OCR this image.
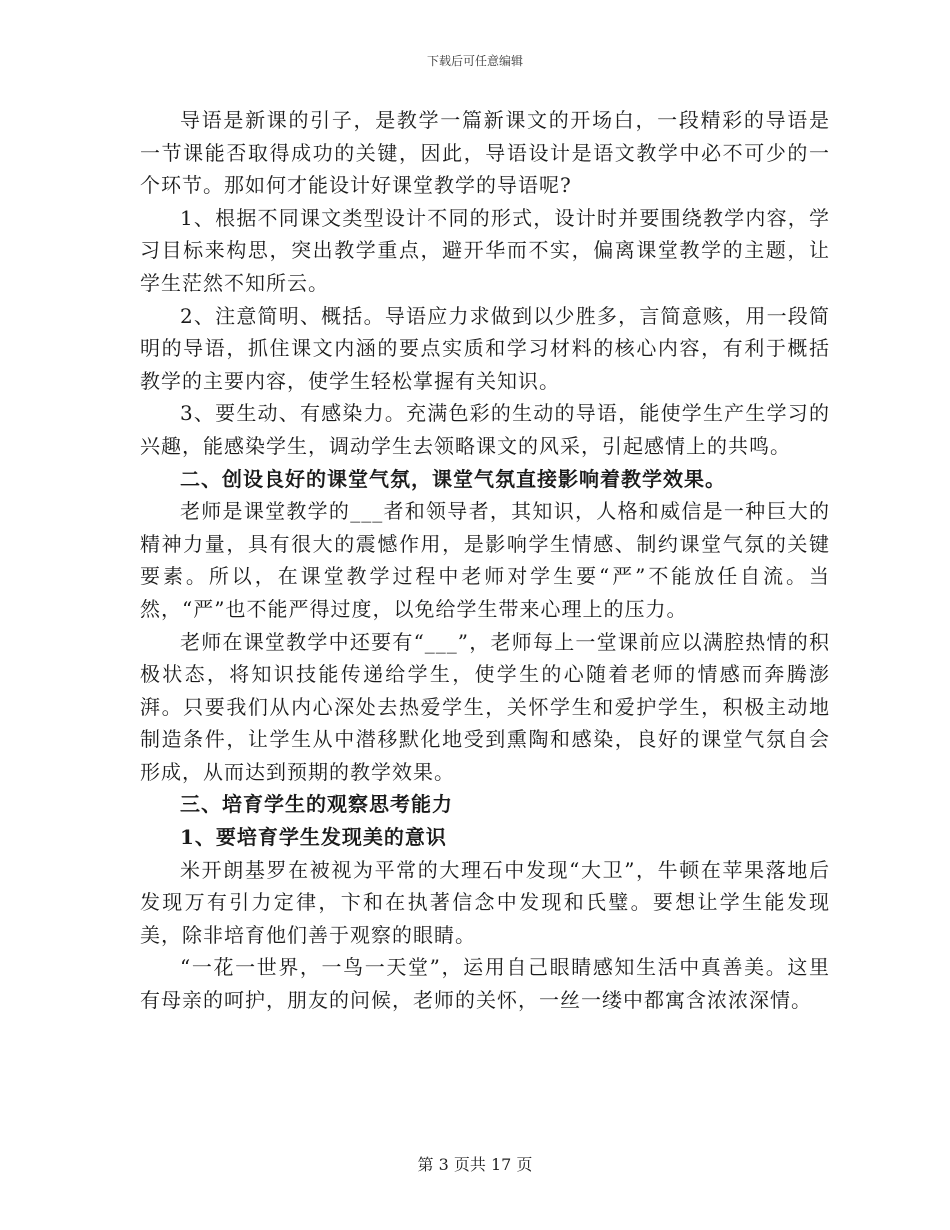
下载后可任意编辑

导语是新课的引子，是教学一篇新课文的开场白，一段精彩的导语是一节课能否取得成功的关键，因此，导语设计是语文教学中必不可少的一个环节。那如何才能设计好课堂教学的导语呢?

1、根据不同课文类型设计不同的形式，设计时并要围绕教学内容，学习目标来构思，突出教学重点，避开华而不实，偏离课堂教学的主题，让学生茫然不知所云。

2、注意简明、概括。导语应力求做到以少胜多，言简意赅，用一段简明的导语，抓住课文内涵的要点实质和学习材料的核心内容，有利于概括教学的主要内容，使学生轻松掌握有关知识。

3、要生动、有感染力。充满色彩的生动的导语，能使学生产生学习的兴趣，能感染学生，调动学生去领略课文的风采，引起感情上的共鸣。

二、创设良好的课堂气氛，课堂气氛直接影响着教学效果。

老师是课堂教学的___者和领导者，其知识，人格和威信是一种巨大的精神力量，具有很大的震憾作用，是影响学生情感、制约课堂气氛的关键要素。所以，在课堂教学过程中老师对学生要“严”不能放任自流。当然，“严”也不能严得过度，以免给学生带来心理上的压力。

老师在课堂教学中还要有“___”，老师每上一堂课前应以满腔热情的积极状态，将知识技能传递给学生，使学生的心随着老师的情感而奔腾澎湃。只要我们从内心深处去热爱学生，关怀学生和爱护学生，积极主动地制造条件，让学生从中潜移默化地受到熏陶和感染，良好的课堂气氛自会形成，从而达到预期的教学效果。

三、培育学生的观察思考能力

1、要培育学生发现美的意识

米开朗基罗在被视为平常的大理石中发现“大卫”，牛顿在苹果落地后发现万有引力定律，卞和在执著信念中发现和氏璧。要想让学生能发现美，除非培育他们善于观察的眼睛。

“一花一世界，一鸟一天堂”，运用自己眼睛感知生活中真善美。这里有母亲的呵护，朋友的问候，老师的关怀，一丝一缕中都寓含浓浓深情。

第 3 页共 17 页
